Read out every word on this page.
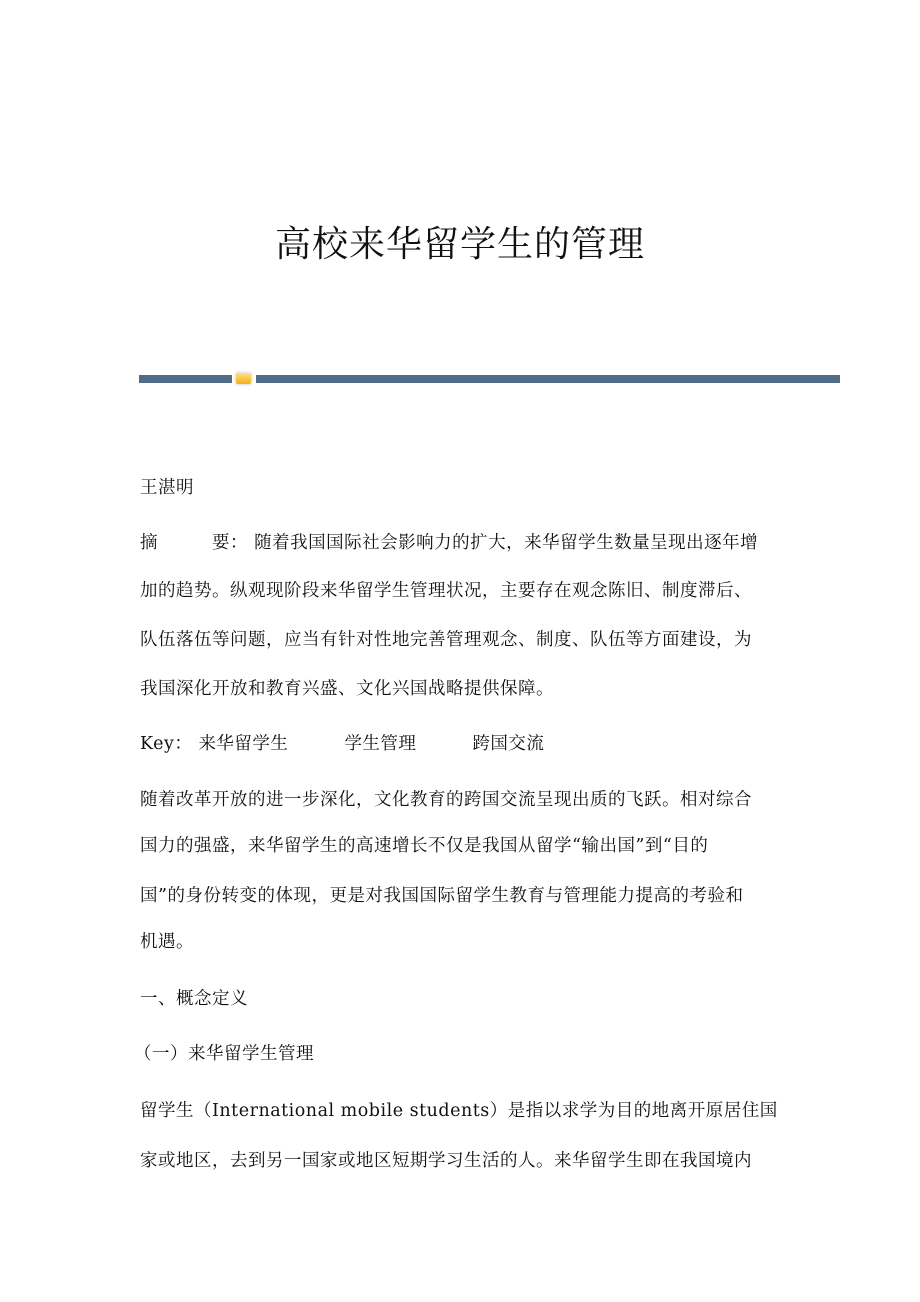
高校来华留学生的管理
王湛明
摘　　　要： 随着我国国际社会影响力的扩大，来华留学生数量呈现出逐年增
加的趋势。纵观现阶段来华留学生管理状况，主要存在观念陈旧、制度滞后、
队伍落伍等问题，应当有针对性地完善管理观念、制度、队伍等方面建设，为
我国深化开放和教育兴盛、文化兴国战略提供保障。
Key： 来华留学生	学生管理	跨国交流
随着改革开放的进一步深化，文化教育的跨国交流呈现出质的飞跃。相对综合
国力的强盛，来华留学生的高速增长不仅是我国从留学“输出国”到“目的
国”的身份转变的体现，更是对我国国际留学生教育与管理能力提高的考验和
机遇。
一、概念定义
（一）来华留学生管理
留学生（International mobile students）是指以求学为目的地离开原居住国
家或地区，去到另一国家或地区短期学习生活的人。来华留学生即在我国境内
